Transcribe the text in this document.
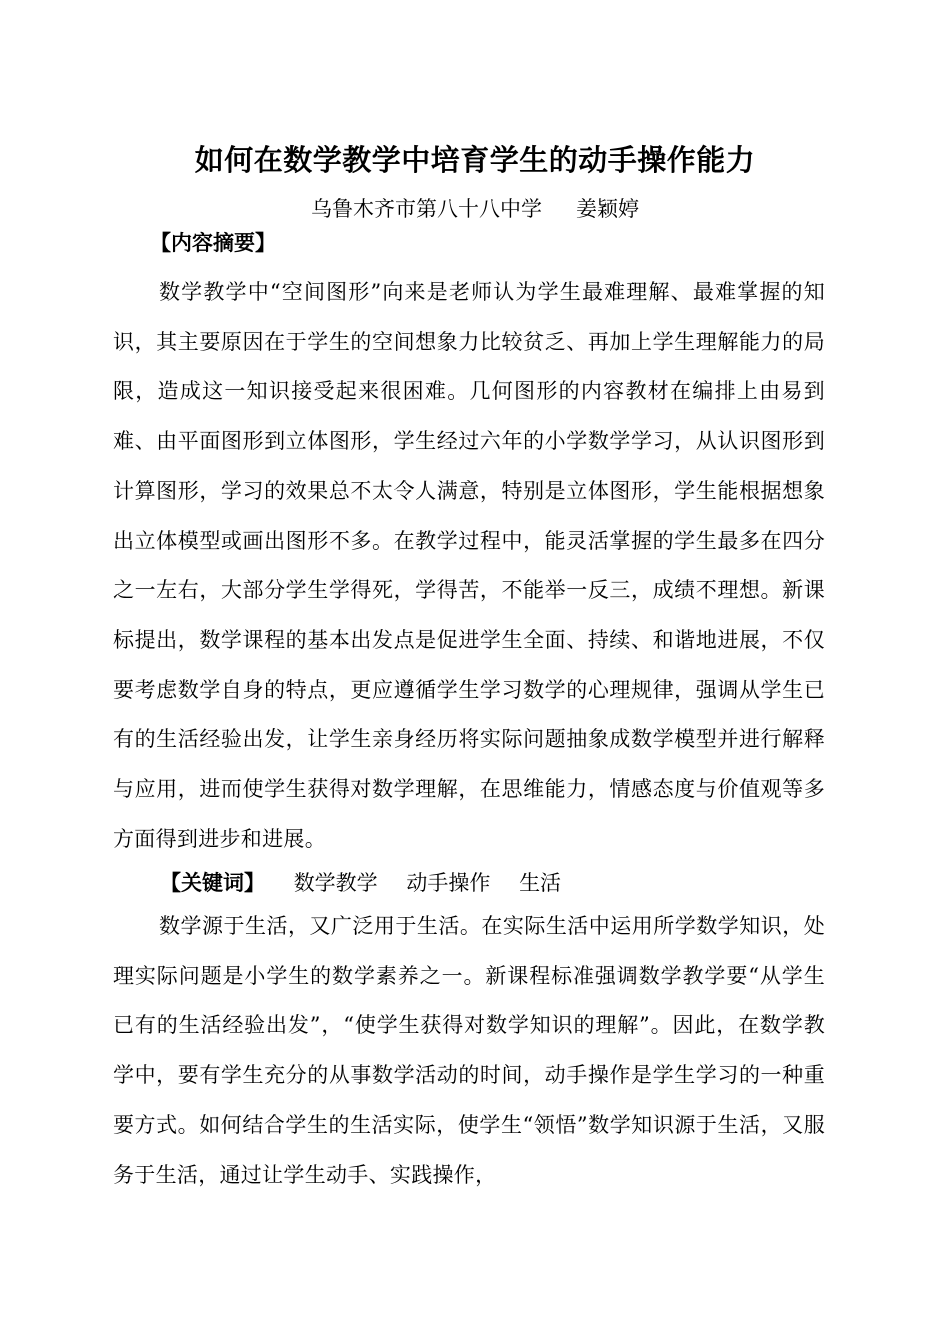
如何在数学教学中培育学生的动手操作能力
乌鲁木齐市第八十八中学 姜颖婷
【内容摘要】
数学教学中“空间图形”向来是老师认为学生最难理解、最难掌握的知识，其主要原因在于学生的空间想象力比较贫乏、再加上学生理解能力的局限，造成这一知识接受起来很困难。几何图形的内容教材在编排上由易到难、由平面图形到立体图形，学生经过六年的小学数学学习，从认识图形到计算图形，学习的效果总不太令人满意，特别是立体图形，学生能根据想象出立体模型或画出图形不多。在教学过程中，能灵活掌握的学生最多在四分之一左右，大部分学生学得死，学得苦，不能举一反三，成绩不理想。新课标提出，数学课程的基本出发点是促进学生全面、持续、和谐地进展，不仅要考虑数学自身的特点，更应遵循学生学习数学的心理规律，强调从学生已有的生活经验出发，让学生亲身经历将实际问题抽象成数学模型并进行解释与应用，进而使学生获得对数学理解，在思维能力，情感态度与价值观等多方面得到进步和进展。
【关键词】 数学教学 动手操作 生活
数学源于生活，又广泛用于生活。在实际生活中运用所学数学知识，处理实际问题是小学生的数学素养之一。新课程标准强调数学教学要“从学生已有的生活经验出发”，“使学生获得对数学知识的理解”。因此，在数学教学中，要有学生充分的从事数学活动的时间，动手操作是学生学习的一种重要方式。如何结合学生的生活实际，使学生“领悟”数学知识源于生活，又服务于生活，通过让学生动手、实践操作，
